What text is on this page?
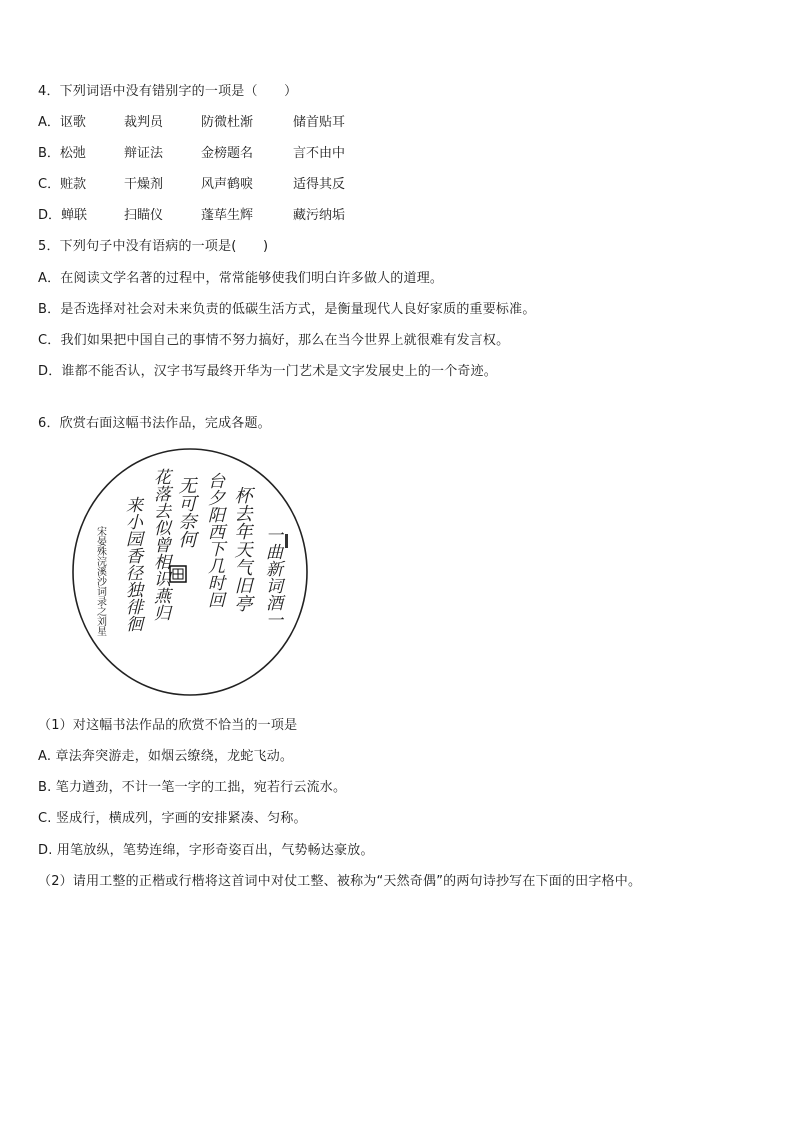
4．下列词语中没有错别字的一项是（　　）
A．讴歌	裁判员	防微杜渐	储首贴耳
B．松弛	辩证法	金榜题名	言不由中
C．赃款	干燥剂	风声鹤唳	适得其反
D．蝉联	扫瞄仪	蓬荜生辉	藏污纳垢
5．下列句子中没有语病的一项是(　　)
A．在阅读文学名著的过程中，常常能够使我们明白许多做人的道理。
B．是否选择对社会对未来负责的低碳生活方式，是衡量现代人良好家质的重要标准。
C．我们如果把中国自己的事情不努力搞好，那么在当今世界上就很难有发言权。
D．谁都不能否认，汉字书写最终开华为一门艺术是文字发展史上的一个奇迹。
6．欣赏右面这幅书法作品，完成各题。
一曲新词酒一
杯去年天气旧亭
台夕阳西下几时回
无可奈何
花落去似曾相识燕归
来小园香径独徘徊
宋晏殊浣溪沙词录之刘星
（1）对这幅书法作品的欣赏不恰当的一项是
A. 章法奔突游走，如烟云缭绕，龙蛇飞动。
B. 笔力遒劲，不计一笔一字的工拙，宛若行云流水。
C. 竖成行，横成列，字画的安排紧凑、匀称。
D. 用笔放纵，笔势连绵，字形奇姿百出，气势畅达豪放。
（2）请用工整的正楷或行楷将这首词中对仗工整、被称为“天然奇偶”的两句诗抄写在下面的田字格中。
